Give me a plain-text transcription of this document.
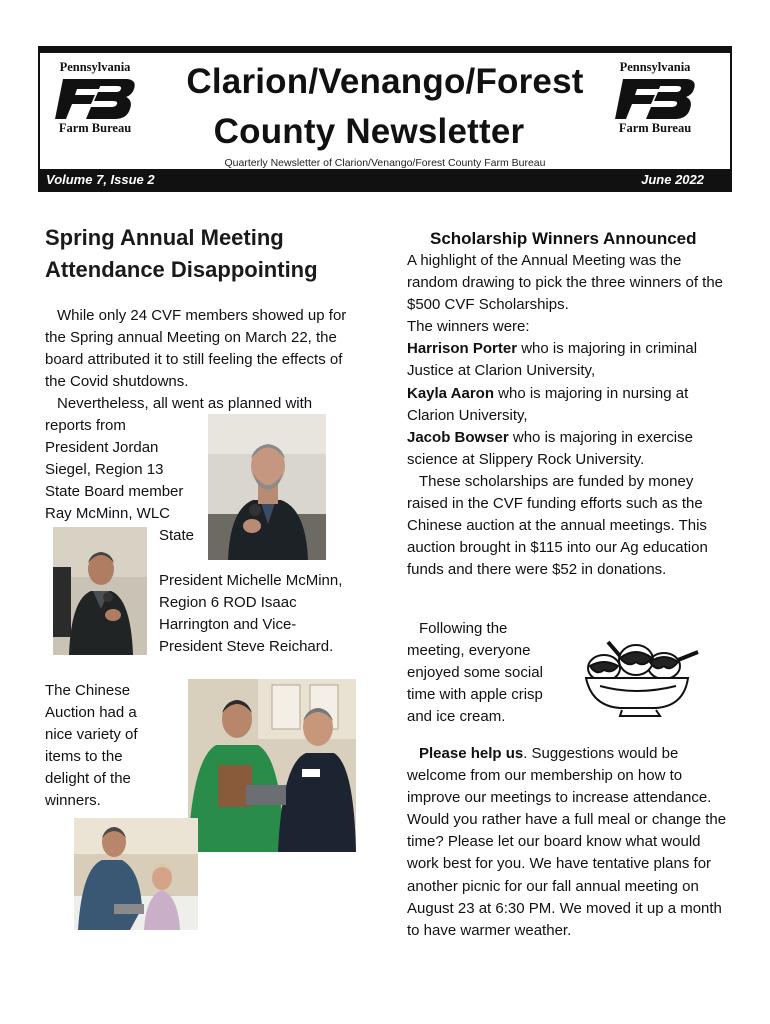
Pennsylvania
Farm Bureau
Pennsylvania
Farm Bureau
Clarion/Venango/Forest
County Newsletter
Quarterly Newsletter of Clarion/Venango/Forest County Farm Bureau
Volume 7, Issue 2	June 2022
Spring Annual Meeting Attendance Disappointing

While only 24 CVF members showed up for the Spring annual Meeting on March 22, the board attributed it to still feeling the effects of the Covid shutdowns.

Nevertheless, all went as planned with

reports from
President Jordan
Siegel, Region 13
State Board member
Ray McMinn, WLC
State
President Michelle McMinn,
Region 6 ROD Isaac
Harrington and Vice-
President Steve Reichard.
The Chinese
Auction had a
nice variety of
items to the
delight of the
winners.
Scholarship Winners Announced

A highlight of the Annual Meeting was the random drawing to pick the three winners of the $500 CVF Scholarships.

The winners were:

Harrison Porter who is majoring in criminal Justice at Clarion University,

Kayla Aaron who is majoring in nursing at Clarion University,

Jacob Bowser who is majoring in exercise science at Slippery Rock University.

These scholarships are funded by money raised in the CVF funding efforts such as the Chinese auction at the annual meetings. This auction brought in $115 into our Ag education funds and there were $52 in donations.

Following the
meeting, everyone
enjoyed some social
time with apple crisp
and ice cream.

Please help us. Suggestions would be welcome from our membership on how to improve our meetings to increase attendance. Would you rather have a full meal or change the time? Please let our board know what would work best for you. We have tentative plans for another picnic for our fall annual meeting on August 23 at 6:30 PM. We moved it up a month to have warmer weather.
